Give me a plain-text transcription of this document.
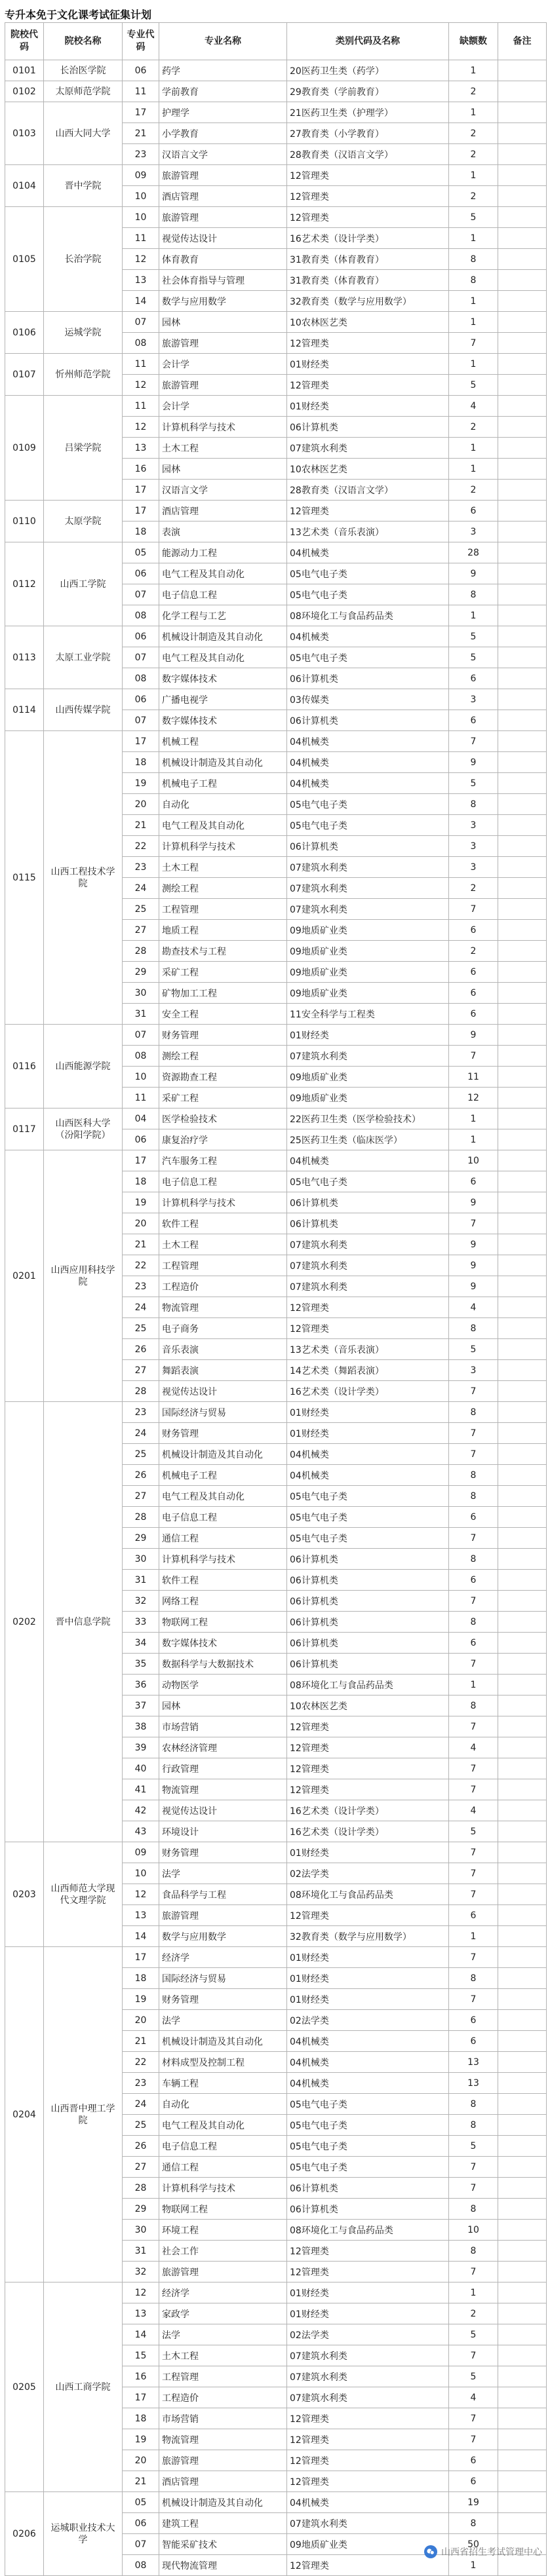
专升本免于文化课考试征集计划
院校代码	院校名称	专业代码	专业名称	类别代码及名称	缺额数	备注
0101	长治医学院	06	药学	20医药卫生类（药学）	1	
0102	太原师范学院	11	学前教育	29教育类（学前教育）	2	
0103	山西大同大学	17	护理学	21医药卫生类（护理学）	1	
		21	小学教育	27教育类（小学教育）	2	
		23	汉语言文学	28教育类（汉语言文学）	2	
0104	晋中学院	09	旅游管理	12管理类	1	
		10	酒店管理	12管理类	2	
0105	长治学院	10	旅游管理	12管理类	5	
		11	视觉传达设计	16艺术类（设计学类）	1	
		12	体育教育	31教育类（体育教育）	8	
		13	社会体育指导与管理	31教育类（体育教育）	8	
		14	数学与应用数学	32教育类（数学与应用数学）	1	
0106	运城学院	07	园林	10农林医艺类	1	
		08	旅游管理	12管理类	7	
0107	忻州师范学院	11	会计学	01财经类	1	
		12	旅游管理	12管理类	5	
0109	吕梁学院	11	会计学	01财经类	4	
		12	计算机科学与技术	06计算机类	2	
		13	土木工程	07建筑水利类	1	
		16	园林	10农林医艺类	1	
		17	汉语言文学	28教育类（汉语言文学）	2	
0110	太原学院	17	酒店管理	12管理类	6	
		18	表演	13艺术类（音乐表演）	3	
0112	山西工学院	05	能源动力工程	04机械类	28	
		06	电气工程及其自动化	05电气电子类	9	
		07	电子信息工程	05电气电子类	8	
		08	化学工程与工艺	08环境化工与食品药品类	1	
0113	太原工业学院	06	机械设计制造及其自动化	04机械类	5	
		07	电气工程及其自动化	05电气电子类	5	
		08	数字媒体技术	06计算机类	6	
0114	山西传媒学院	06	广播电视学	03传媒类	3	
		07	数字媒体技术	06计算机类	6	
0115	山西工程技术学院	17	机械工程	04机械类	7	
		18	机械设计制造及其自动化	04机械类	9	
		19	机械电子工程	04机械类	5	
		20	自动化	05电气电子类	8	
		21	电气工程及其自动化	05电气电子类	3	
		22	计算机科学与技术	06计算机类	3	
		23	土木工程	07建筑水利类	3	
		24	测绘工程	07建筑水利类	2	
		25	工程管理	07建筑水利类	7	
		27	地质工程	09地质矿业类	6	
		28	勘查技术与工程	09地质矿业类	2	
		29	采矿工程	09地质矿业类	6	
		30	矿物加工工程	09地质矿业类	6	
		31	安全工程	11安全科学与工程类	6	
0116	山西能源学院	07	财务管理	01财经类	9	
		08	测绘工程	07建筑水利类	7	
		10	资源勘查工程	09地质矿业类	11	
		11	采矿工程	09地质矿业类	12	
0117	山西医科大学（汾阳学院）	04	医学检验技术	22医药卫生类（医学检验技术）	1	
		06	康复治疗学	25医药卫生类（临床医学）	1	
0201	山西应用科技学院	17	汽车服务工程	04机械类	10	
		18	电子信息工程	05电气电子类	6	
		19	计算机科学与技术	06计算机类	9	
		20	软件工程	06计算机类	7	
		21	土木工程	07建筑水利类	9	
		22	工程管理	07建筑水利类	9	
		23	工程造价	07建筑水利类	9	
		24	物流管理	12管理类	4	
		25	电子商务	12管理类	8	
		26	音乐表演	13艺术类（音乐表演）	5	
		27	舞蹈表演	14艺术类（舞蹈表演）	3	
		28	视觉传达设计	16艺术类（设计学类）	7	
0202	晋中信息学院	23	国际经济与贸易	01财经类	8	
		24	财务管理	01财经类	7	
		25	机械设计制造及其自动化	04机械类	7	
		26	机械电子工程	04机械类	8	
		27	电气工程及其自动化	05电气电子类	8	
		28	电子信息工程	05电气电子类	6	
		29	通信工程	05电气电子类	7	
		30	计算机科学与技术	06计算机类	8	
		31	软件工程	06计算机类	6	
		32	网络工程	06计算机类	7	
		33	物联网工程	06计算机类	8	
		34	数字媒体技术	06计算机类	6	
		35	数据科学与大数据技术	06计算机类	7	
		36	动物医学	08环境化工与食品药品类	1	
		37	园林	10农林医艺类	8	
		38	市场营销	12管理类	7	
		39	农林经济管理	12管理类	4	
		40	行政管理	12管理类	7	
		41	物流管理	12管理类	7	
		42	视觉传达设计	16艺术类（设计学类）	4	
		43	环境设计	16艺术类（设计学类）	5	
0203	山西师范大学现代文理学院	09	财务管理	01财经类	7	
		10	法学	02法学类	7	
		12	食品科学与工程	08环境化工与食品药品类	7	
		13	旅游管理	12管理类	6	
		14	数学与应用数学	32教育类（数学与应用数学）	1	
0204	山西晋中理工学院	17	经济学	01财经类	7	
		18	国际经济与贸易	01财经类	8	
		19	财务管理	01财经类	7	
		20	法学	02法学类	6	
		21	机械设计制造及其自动化	04机械类	6	
		22	材料成型及控制工程	04机械类	13	
		23	车辆工程	04机械类	13	
		24	自动化	05电气电子类	8	
		25	电气工程及其自动化	05电气电子类	8	
		26	电子信息工程	05电气电子类	5	
		27	通信工程	05电气电子类	7	
		28	计算机科学与技术	06计算机类	7	
		29	物联网工程	06计算机类	8	
		30	环境工程	08环境化工与食品药品类	10	
		31	社会工作	12管理类	8	
		32	旅游管理	12管理类	7	
0205	山西工商学院	12	经济学	01财经类	1	
		13	家政学	01财经类	2	
		14	法学	02法学类	5	
		15	土木工程	07建筑水利类	7	
		16	工程管理	07建筑水利类	5	
		17	工程造价	07建筑水利类	4	
		18	市场营销	12管理类	7	
		19	物流管理	12管理类	7	
		20	旅游管理	12管理类	6	
		21	酒店管理	12管理类	6	
0206	运城职业技术大学	05	机械设计制造及其自动化	04机械类	19	
		06	建筑工程	07建筑水利类	8	
		07	智能采矿技术	09地质矿业类	50	
		08	现代物流管理	12管理类	1	
山西省招生考试管理中心
